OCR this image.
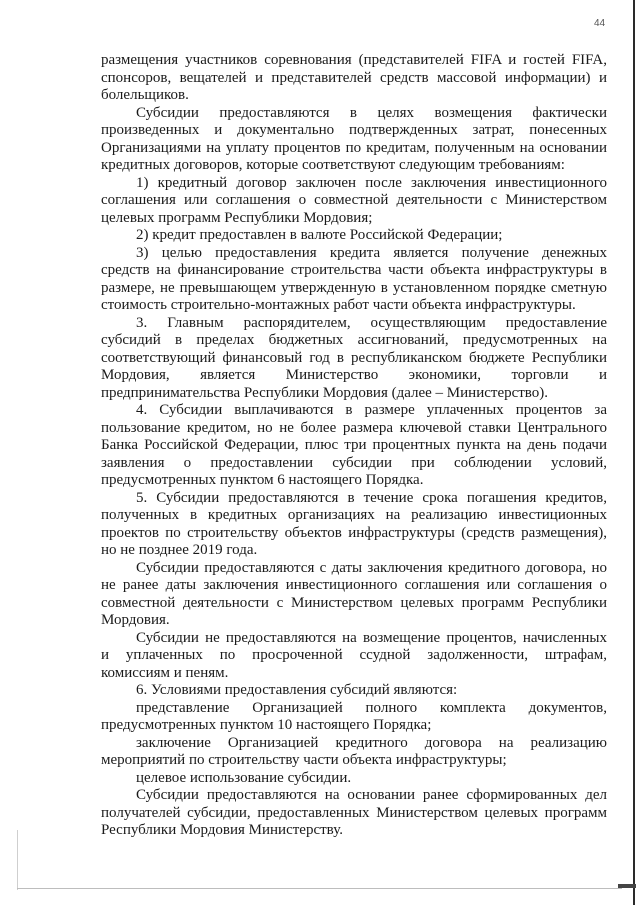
44
размещения участников соревнования (представителей FIFA и гостей FIFA,
спонсоров, вещателей и представителей средств массовой информации) и
болельщиков.
Субсидии предоставляются в целях возмещения фактически
произведенных и документально подтвержденных затрат, понесенных
Организациями на уплату процентов по кредитам, полученным на основании
кредитных договоров, которые соответствуют следующим требованиям:
1) кредитный договор заключен после заключения инвестиционного
соглашения или соглашения о совместной деятельности с Министерством
целевых программ Республики Мордовия;
2) кредит предоставлен в валюте Российской Федерации;
3) целью предоставления кредита является получение денежных
средств на финансирование строительства части объекта инфраструктуры в
размере, не превышающем утвержденную в установленном порядке сметную
стоимость строительно-монтажных работ части объекта инфраструктуры.
3. Главным распорядителем, осуществляющим предоставление
субсидий в пределах бюджетных ассигнований, предусмотренных на
соответствующий финансовый год в республиканском бюджете Республики
Мордовия, является Министерство экономики, торговли и
предпринимательства Республики Мордовия (далее – Министерство).
4. Субсидии выплачиваются в размере уплаченных процентов за
пользование кредитом, но не более размера ключевой ставки Центрального
Банка Российской Федерации, плюс три процентных пункта на день подачи
заявления о предоставлении субсидии при соблюдении условий,
предусмотренных пунктом 6 настоящего Порядка.
5. Субсидии предоставляются в течение срока погашения кредитов,
полученных в кредитных организациях на реализацию инвестиционных
проектов по строительству объектов инфраструктуры (средств размещения),
но не позднее 2019 года.
Субсидии предоставляются с даты заключения кредитного договора, но
не ранее даты заключения инвестиционного соглашения или соглашения о
совместной деятельности с Министерством целевых программ Республики
Мордовия.
Субсидии не предоставляются на возмещение процентов, начисленных
и уплаченных по просроченной ссудной задолженности, штрафам,
комиссиям и пеням.
6. Условиями предоставления субсидий являются:
представление Организацией полного комплекта документов,
предусмотренных пунктом 10 настоящего Порядка;
заключение Организацией кредитного договора на реализацию
мероприятий по строительству части объекта инфраструктуры;
целевое использование субсидии.
Субсидии предоставляются на основании ранее сформированных дел
получателей субсидии, предоставленных Министерством целевых программ
Республики Мордовия Министерству.
